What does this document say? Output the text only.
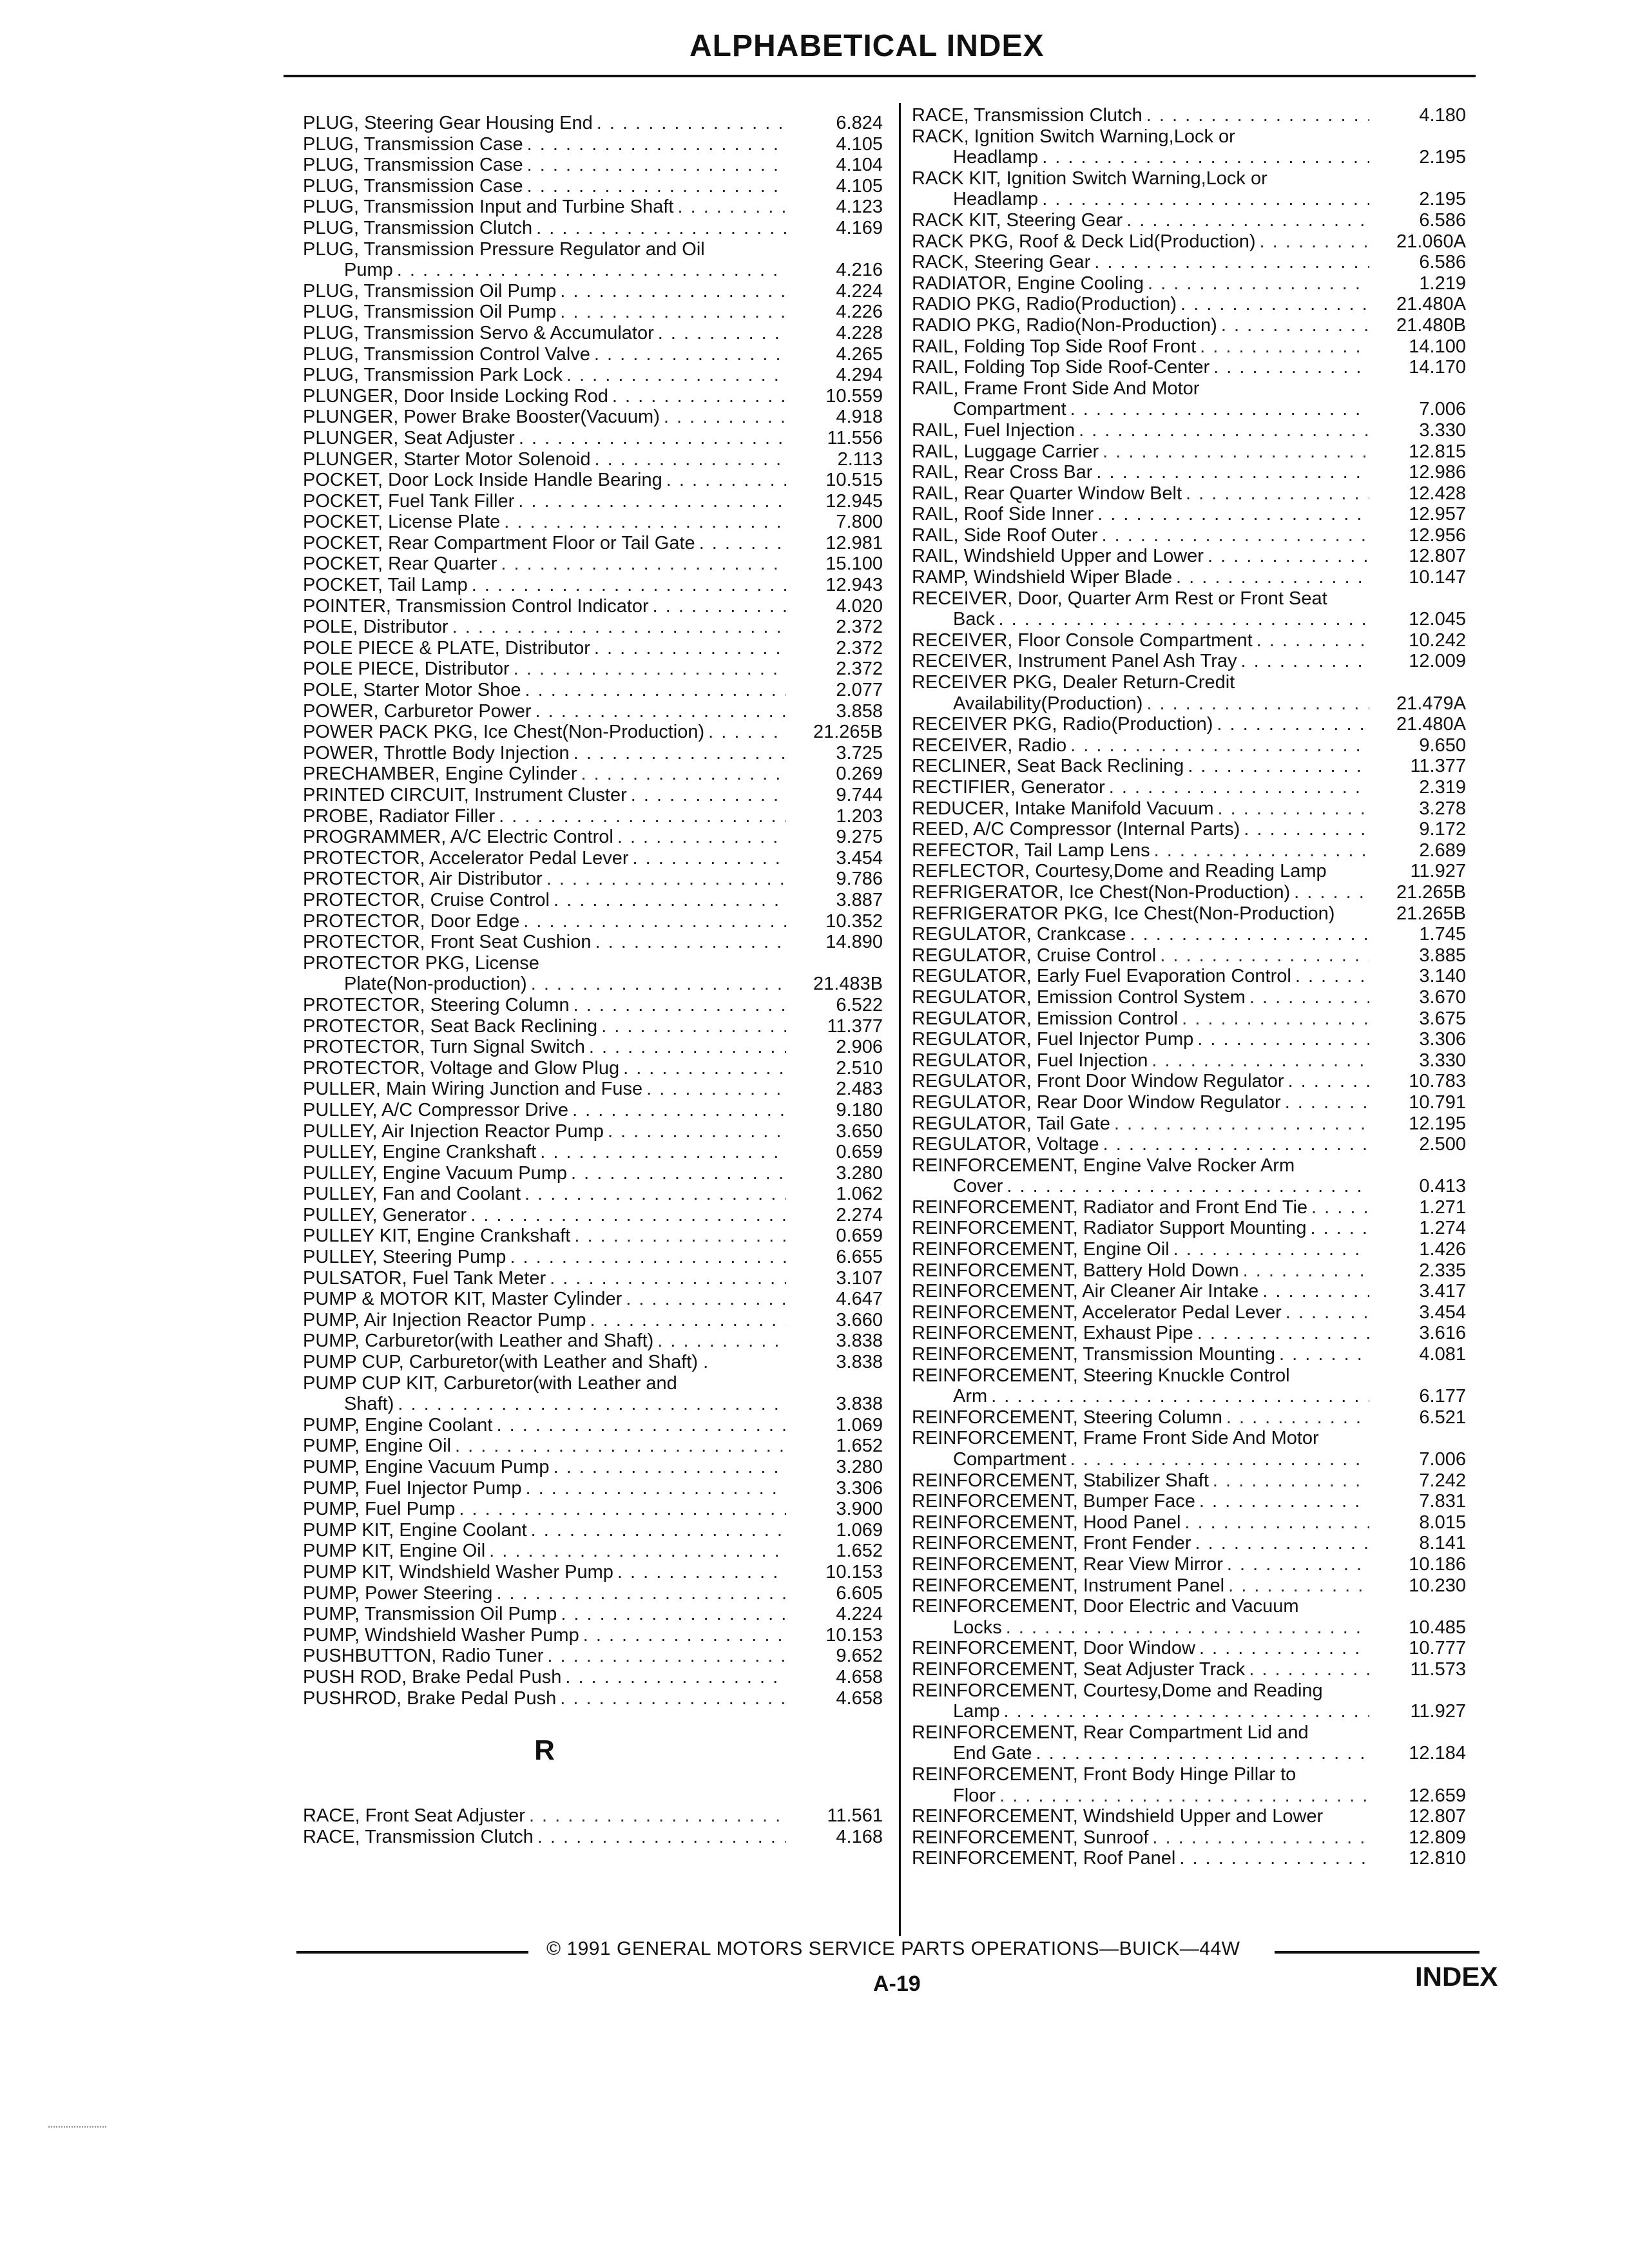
ALPHABETICAL INDEX
PLUG, Steering Gear Housing End . . .	6.824
PLUG, Transmission Case . . .	4.105
PLUG, Transmission Case . . .	4.104
PLUG, Transmission Case . . .	4.105
PLUG, Transmission Input and Turbine Shaft . . .	4.123
PLUG, Transmission Clutch . . .	4.169
PLUG, Transmission Pressure Regulator and Oil
Pump . . .	4.216
PLUG, Transmission Oil Pump . . .	4.224
PLUG, Transmission Oil Pump . . .	4.226
PLUG, Transmission Servo & Accumulator . . .	4.228
PLUG, Transmission Control Valve . . .	4.265
PLUG, Transmission Park Lock . . .	4.294
PLUNGER, Door Inside Locking Rod . . .	10.559
PLUNGER, Power Brake Booster(Vacuum) . . .	4.918
PLUNGER, Seat Adjuster . . .	11.556
PLUNGER, Starter Motor Solenoid . . .	2.113
POCKET, Door Lock Inside Handle Bearing . . .	10.515
POCKET, Fuel Tank Filler . . .	12.945
POCKET, License Plate . . .	7.800
POCKET, Rear Compartment Floor or Tail Gate . . .	12.981
POCKET, Rear Quarter . . .	15.100
POCKET, Tail Lamp . . .	12.943
POINTER, Transmission Control Indicator . . .	4.020
POLE, Distributor . . .	2.372
POLE PIECE & PLATE, Distributor . . .	2.372
POLE PIECE, Distributor . . .	2.372
POLE, Starter Motor Shoe . . .	2.077
POWER, Carburetor Power . . .	3.858
POWER PACK PKG, Ice Chest(Non-Production) . . .	21.265B
POWER, Throttle Body Injection . . .	3.725
PRECHAMBER, Engine Cylinder . . .	0.269
PRINTED CIRCUIT, Instrument Cluster . . .	9.744
PROBE, Radiator Filler . . .	1.203
PROGRAMMER, A/C Electric Control . . .	9.275
PROTECTOR, Accelerator Pedal Lever . . .	3.454
PROTECTOR, Air Distributor . . .	9.786
PROTECTOR, Cruise Control . . .	3.887
PROTECTOR, Door Edge . . .	10.352
PROTECTOR, Front Seat Cushion . . .	14.890
PROTECTOR PKG, License
Plate(Non-production) . . .	21.483B
PROTECTOR, Steering Column . . .	6.522
PROTECTOR, Seat Back Reclining . . .	11.377
PROTECTOR, Turn Signal Switch . . .	2.906
PROTECTOR, Voltage and Glow Plug . . .	2.510
PULLER, Main Wiring Junction and Fuse . . .	2.483
PULLEY, A/C Compressor Drive . . .	9.180
PULLEY, Air Injection Reactor Pump . . .	3.650
PULLEY, Engine Crankshaft . . .	0.659
PULLEY, Engine Vacuum Pump . . .	3.280
PULLEY, Fan and Coolant . . .	1.062
PULLEY, Generator . . .	2.274
PULLEY KIT, Engine Crankshaft . . .	0.659
PULLEY, Steering Pump . . .	6.655
PULSATOR, Fuel Tank Meter . . .	3.107
PUMP & MOTOR KIT, Master Cylinder . . .	4.647
PUMP, Air Injection Reactor Pump . . .	3.660
PUMP, Carburetor(with Leather and Shaft) . . .	3.838
PUMP CUP, Carburetor(with Leather and Shaft) .	3.838
PUMP CUP KIT, Carburetor(with Leather and
Shaft) . . .	3.838
PUMP, Engine Coolant . . .	1.069
PUMP, Engine Oil . . .	1.652
PUMP, Engine Vacuum Pump . . .	3.280
PUMP, Fuel Injector Pump . . .	3.306
PUMP, Fuel Pump . . .	3.900
PUMP KIT, Engine Coolant . . .	1.069
PUMP KIT, Engine Oil . . .	1.652
PUMP KIT, Windshield Washer Pump . . .	10.153
PUMP, Power Steering . . .	6.605
PUMP, Transmission Oil Pump . . .	4.224
PUMP, Windshield Washer Pump . . .	10.153
PUSHBUTTON, Radio Tuner . . .	9.652
PUSH ROD, Brake Pedal Push . . .	4.658
PUSHROD, Brake Pedal Push . . .	4.658
R
RACE, Front Seat Adjuster . . .	11.561
RACE, Transmission Clutch . . .	4.168
RACE, Transmission Clutch . . .	4.180
RACK, Ignition Switch Warning,Lock or
Headlamp . . .	2.195
RACK KIT, Ignition Switch Warning,Lock or
Headlamp . . .	2.195
RACK KIT, Steering Gear . . .	6.586
RACK PKG, Roof & Deck Lid(Production) . . .	21.060A
RACK, Steering Gear . . .	6.586
RADIATOR, Engine Cooling . . .	1.219
RADIO PKG, Radio(Production) . . .	21.480A
RADIO PKG, Radio(Non-Production) . . .	21.480B
RAIL, Folding Top Side Roof Front . . .	14.100
RAIL, Folding Top Side Roof-Center . . .	14.170
RAIL, Frame Front Side And Motor
Compartment . . .	7.006
RAIL, Fuel Injection . . .	3.330
RAIL, Luggage Carrier . . .	12.815
RAIL, Rear Cross Bar . . .	12.986
RAIL, Rear Quarter Window Belt . . .	12.428
RAIL, Roof Side Inner . . .	12.957
RAIL, Side Roof Outer . . .	12.956
RAIL, Windshield Upper and Lower . . .	12.807
RAMP, Windshield Wiper Blade . . .	10.147
RECEIVER, Door, Quarter Arm Rest or Front Seat
Back . . .	12.045
RECEIVER, Floor Console Compartment . . .	10.242
RECEIVER, Instrument Panel Ash Tray . . .	12.009
RECEIVER PKG, Dealer Return-Credit
Availability(Production) . . .	21.479A
RECEIVER PKG, Radio(Production) . . .	21.480A
RECEIVER, Radio . . .	9.650
RECLINER, Seat Back Reclining . . .	11.377
RECTIFIER, Generator . . .	2.319
REDUCER, Intake Manifold Vacuum . . .	3.278
REED, A/C Compressor (Internal Parts) . . .	9.172
REFECTOR, Tail Lamp Lens . . .	2.689
REFLECTOR, Courtesy,Dome and Reading Lamp	11.927
REFRIGERATOR, Ice Chest(Non-Production) . . .	21.265B
REFRIGERATOR PKG, Ice Chest(Non-Production)	21.265B
REGULATOR, Crankcase . . .	1.745
REGULATOR, Cruise Control . . .	3.885
REGULATOR, Early Fuel Evaporation Control . . .	3.140
REGULATOR, Emission Control System . . .	3.670
REGULATOR, Emission Control . . .	3.675
REGULATOR, Fuel Injector Pump . . .	3.306
REGULATOR, Fuel Injection . . .	3.330
REGULATOR, Front Door Window Regulator . . .	10.783
REGULATOR, Rear Door Window Regulator . . .	10.791
REGULATOR, Tail Gate . . .	12.195
REGULATOR, Voltage . . .	2.500
REINFORCEMENT, Engine Valve Rocker Arm
Cover . . .	0.413
REINFORCEMENT, Radiator and Front End Tie . . .	1.271
REINFORCEMENT, Radiator Support Mounting . . .	1.274
REINFORCEMENT, Engine Oil . . .	1.426
REINFORCEMENT, Battery Hold Down . . .	2.335
REINFORCEMENT, Air Cleaner Air Intake . . .	3.417
REINFORCEMENT, Accelerator Pedal Lever . . .	3.454
REINFORCEMENT, Exhaust Pipe . . .	3.616
REINFORCEMENT, Transmission Mounting . . .	4.081
REINFORCEMENT, Steering Knuckle Control
Arm . . .	6.177
REINFORCEMENT, Steering Column . . .	6.521
REINFORCEMENT, Frame Front Side And Motor
Compartment . . .	7.006
REINFORCEMENT, Stabilizer Shaft . . .	7.242
REINFORCEMENT, Bumper Face . . .	7.831
REINFORCEMENT, Hood Panel . . .	8.015
REINFORCEMENT, Front Fender . . .	8.141
REINFORCEMENT, Rear View Mirror . . .	10.186
REINFORCEMENT, Instrument Panel . . .	10.230
REINFORCEMENT, Door Electric and Vacuum
Locks . . .	10.485
REINFORCEMENT, Door Window . . .	10.777
REINFORCEMENT, Seat Adjuster Track . . .	11.573
REINFORCEMENT, Courtesy,Dome and Reading
Lamp . . .	11.927
REINFORCEMENT, Rear Compartment Lid and
End Gate . . .	12.184
REINFORCEMENT, Front Body Hinge Pillar to
Floor . . .	12.659
REINFORCEMENT, Windshield Upper and Lower	12.807
REINFORCEMENT, Sunroof . . .	12.809
REINFORCEMENT, Roof Panel . . .	12.810
© 1991 GENERAL MOTORS SERVICE PARTS OPERATIONS—BUICK—44W
A-19	INDEX
